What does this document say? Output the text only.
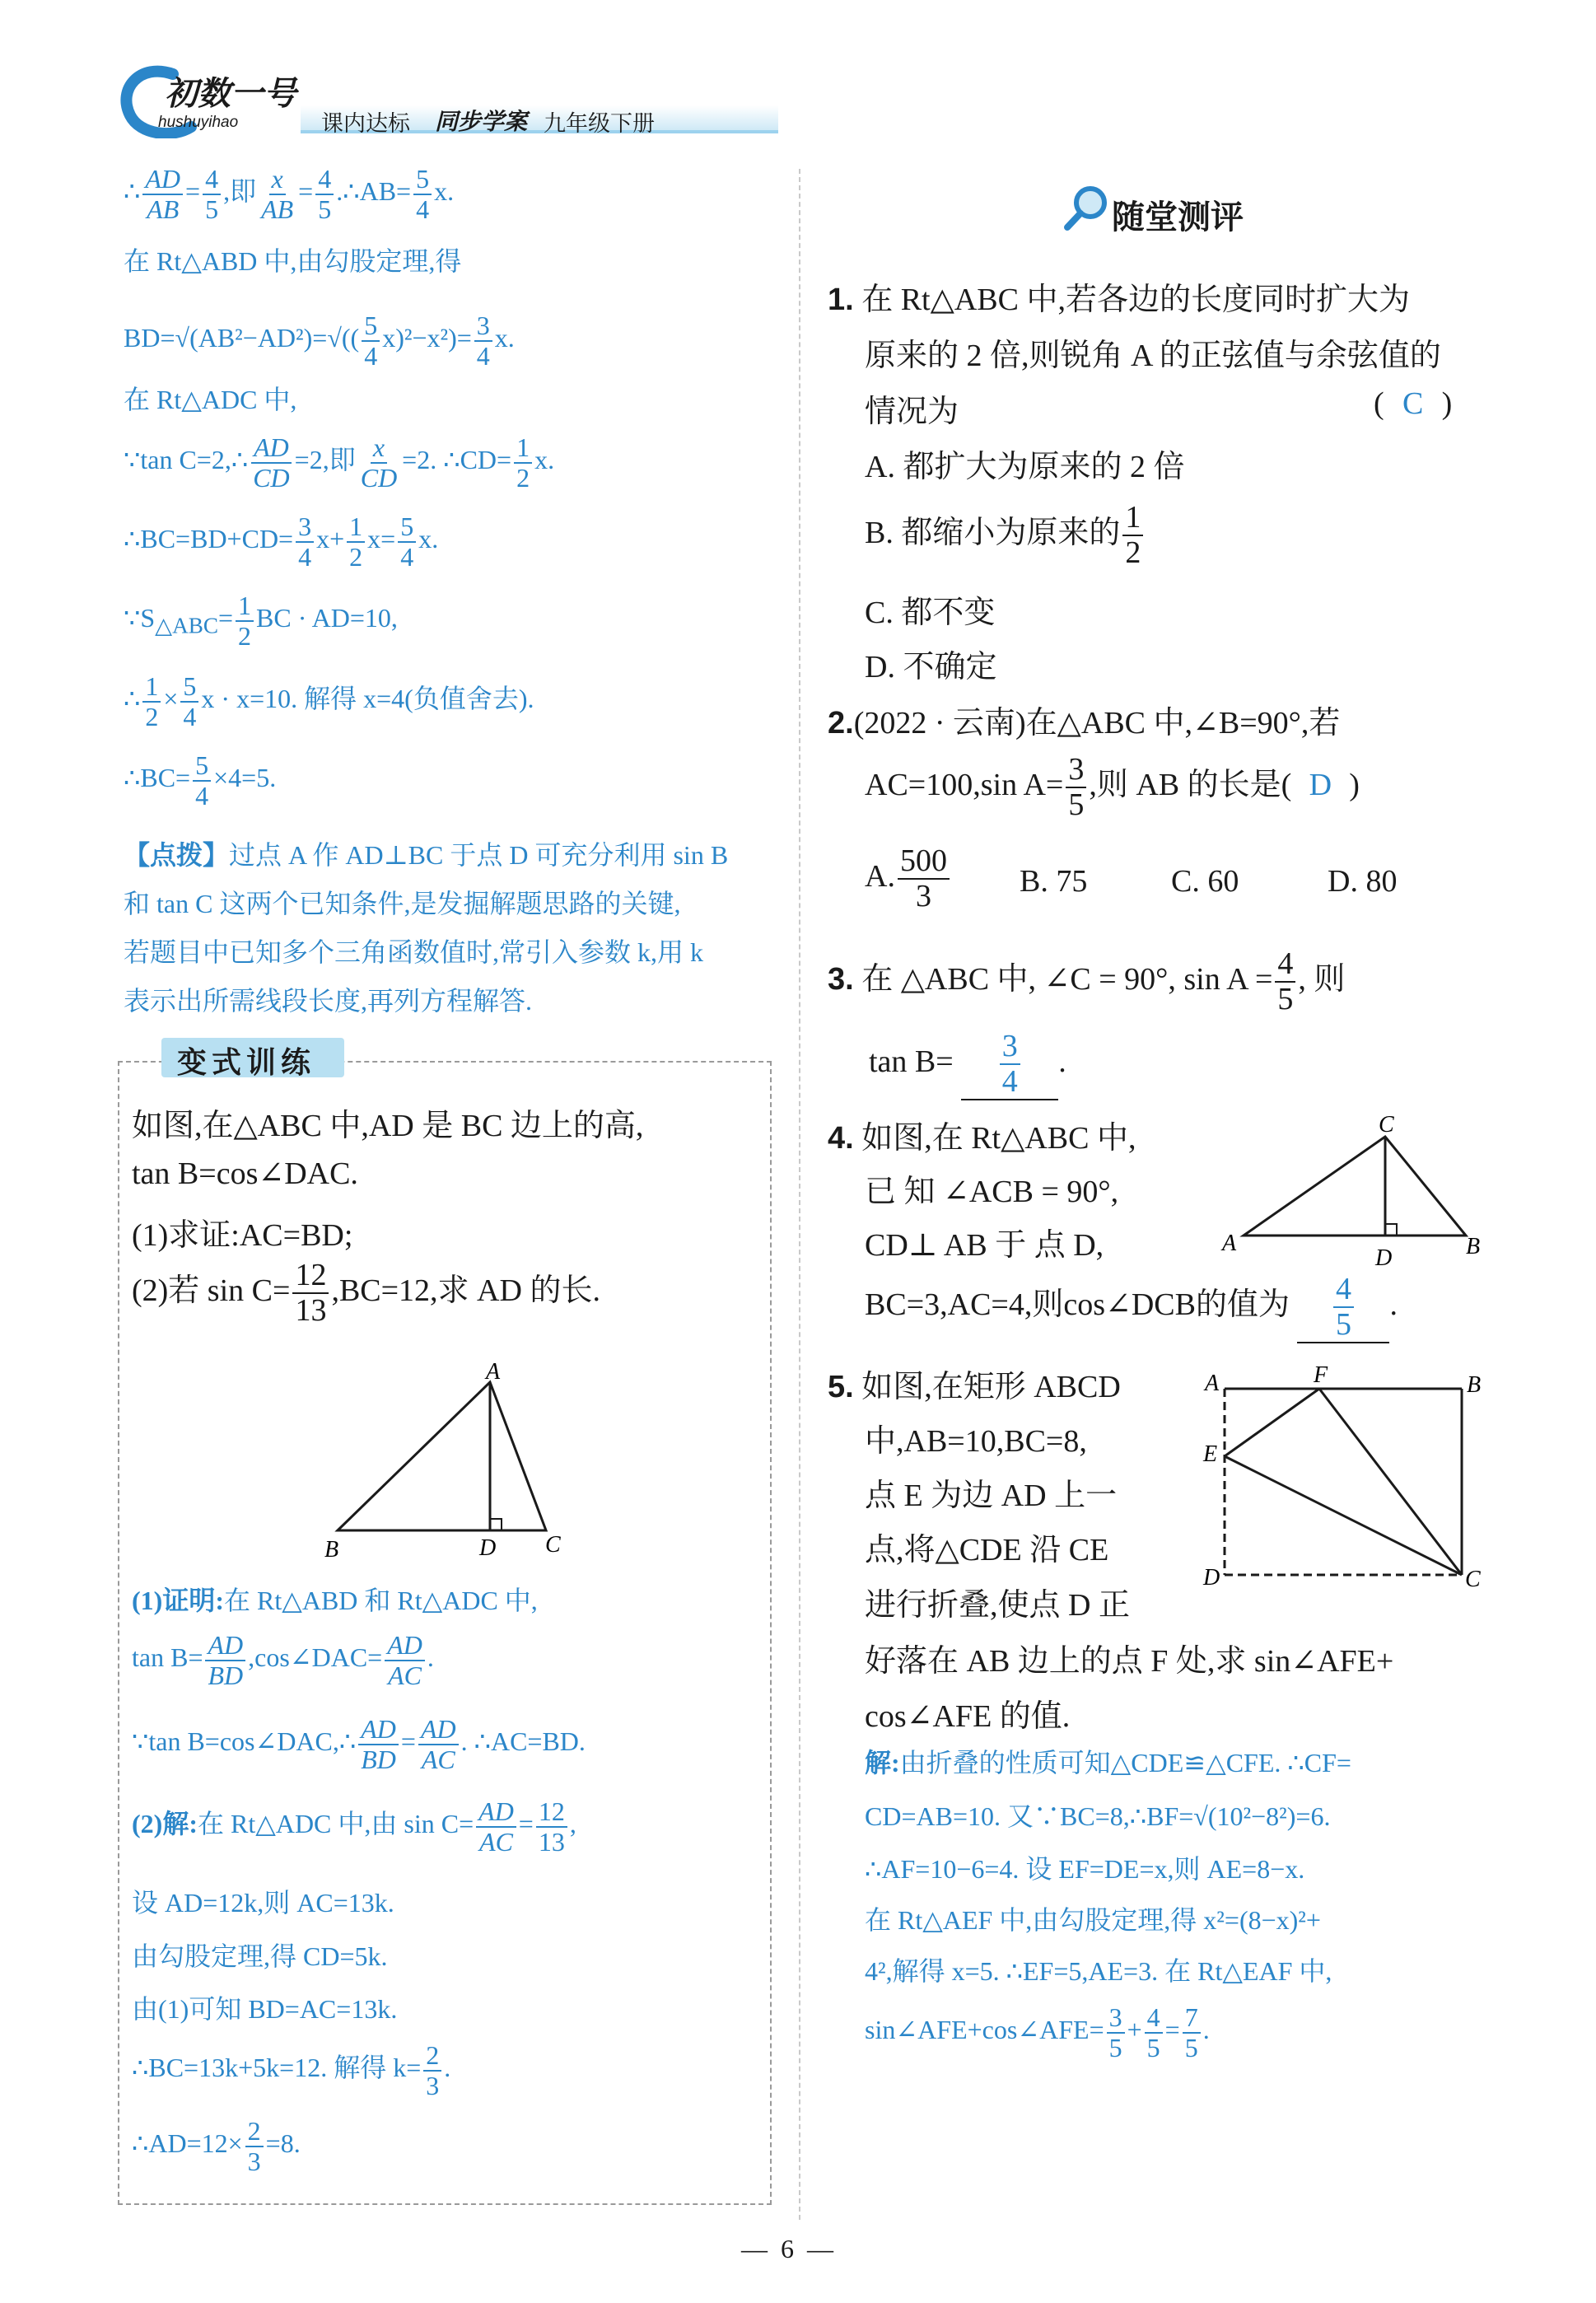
初数一号
hushuyihao	课内达标 同步学案 九年级下册
∴ $\frac{AD}{AB} = \frac{4}{5}$ ,即 $\frac{x}{AB} = \frac{4}{5}$ .∴AB= $\frac{5}{4} x$.
在 Rt△ABD 中,由勾股定理,得
$BD=√(AB^2-AD^2)=√(( \frac{5}{4} x)^2-x^2)= \frac{3}{4} x$.
在 Rt△ADC 中,
∵tan C=2,∴ $\frac{AD}{CD} =2$,即 $\frac{x}{CD} =2$. ∴CD= $\frac{1}{2} x$.
∴BC=BD+CD= $\frac{3}{4} x+ \frac{1}{2} x= \frac{5}{4} x$.
$\because S_{\triangle ABC}= \frac{1}{2}$ BC · AD=10,
∴ $\frac{1}{2} \times \frac{5}{4}$ x · x=10. 解得 x=4(负值舍去).
∴BC= $\frac{5}{4} \times 4=5$.
【点拨】过点 A 作 AD⊥BC 于点 D 可充分利用 sin B
和 tan C 这两个已知条件,是发掘解题思路的关键,
若题目中已知多个三角函数值时,常引入参数 k,用 k
表示出所需线段长度,再列方程解答.
变式训练
如图,在△ABC 中,AD 是 BC 边上的高,
tan B=cos∠DAC.
(1)求证:AC=BD;
(2)若 $\sin C= \frac{12}{13} ,BC=12$,求 AD 的长.
A
B	D C
(1)证明:在 Rt△ABD 和 Rt△ADC 中,
$\tan B= \frac{AD}{BD}$ ,cos∠DAC= $\frac{AD}{AC}$ .
∵tan B=cos∠DAC,∴ $\frac{AD}{BD} = \frac{AD}{AC}$ . ∴AC=BD.
(2)解:在 Rt△ADC 中,由 $\sin C= \frac{AD}{AC} = \frac{12}{13}$ ,
设 AD=12k,则 AC=13k.
由勾股定理,得 CD=5k.
由(1)可知 BD=AC=13k.
∴BC=13k+5k=12. 解得 $k= \frac{2}{3}$ .
∴AD=12× $\frac{2}{3} =8$.
随堂测评
1. 在 Rt△ABC 中,若各边的长度同时扩大为
原来的 2 倍,则锐角 A 的正弦值与余弦值的
情况为	( C )
A. 都扩大为原来的 2 倍
B. 都缩小为原来的 $\frac{1}{2}$
C. 都不变
D. 不确定
2.(2022 · 云南)在△ABC 中,∠B=90°,若
AC=100,sin $A= \frac{3}{5}$ ,则 AB 的长是( D )
A. $\frac{500}{3} B$. 75	C. 60	D. 80
3. 在 △ABC 中, ∠C = 90°, $\sin A = \frac{4}{5}$ , 则
$\tan B= \frac{3}{4}$ .
4. 如图,在 Rt△ABC 中,
已 知 ∠ACB = 90°,
CD⊥ AB 于 点 D,
BC=3,AC=4,则cos∠DCB的值为 $\frac{4}{5}$ .
5. 如图,在矩形 ABCD
中,AB=10,BC=8,
点 E 为边 AD 上一
点,将△CDE 沿 CE
进行折叠,使点 D 正
好落在 AB 边上的点 F 处,求 sin∠AFE+
cos∠AFE 的值.
C
A
D	B
A	F	B
E
D	C
解:由折叠的性质可知△CDE≌△CFE. ∴CF=
CD=AB=10. 又∵BC=8,∴BF=√(10²−8²)=6.
∴AF=10−6=4. 设 EF=DE=x,则 AE=8−x.
在 Rt△AEF 中,由勾股定理,得 x²=(8−x)²+
4²,解得 x=5. ∴EF=5,AE=3. 在 Rt△EAF 中,
sin∠AFE+cos∠AFE= $\frac{3}{5} + \frac{4}{5} = \frac{7}{5}$ .
— 6 —
